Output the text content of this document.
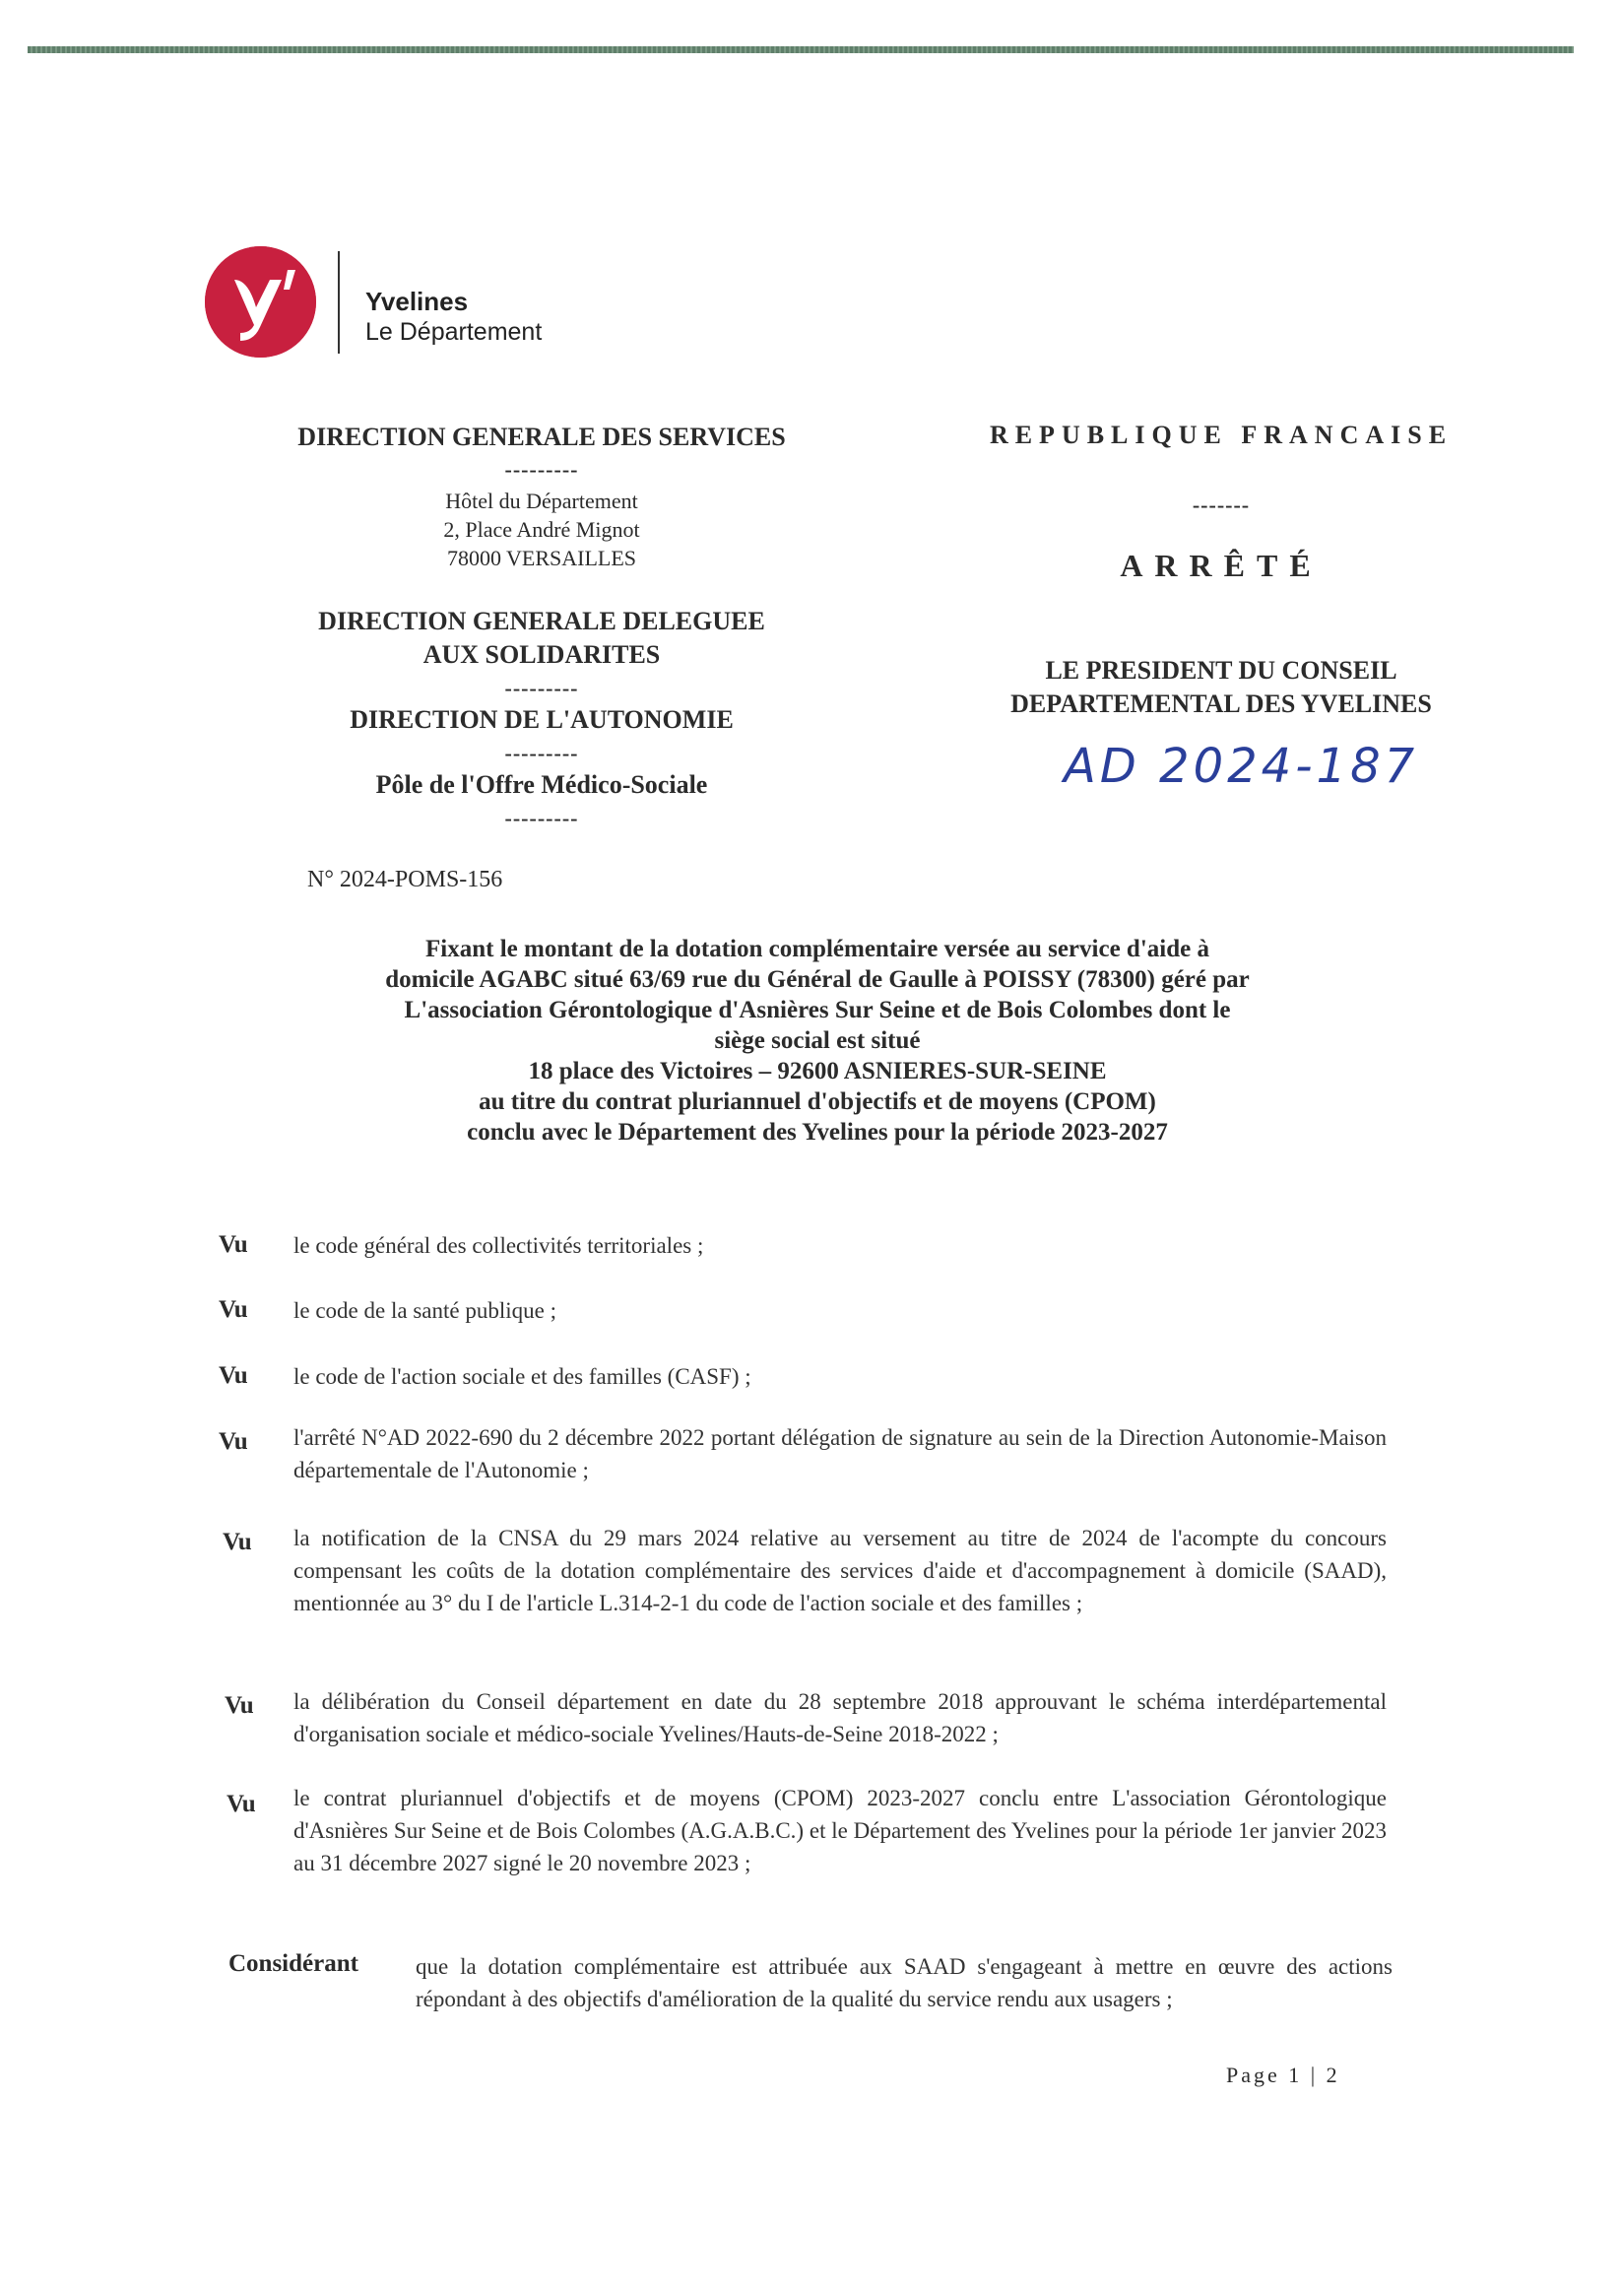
Yvelines
Le Département
DIRECTION GENERALE DES SERVICES
---------
Hôtel du Département
2, Place André Mignot
78000 VERSAILLES
DIRECTION GENERALE DELEGUEE
AUX SOLIDARITES
---------
DIRECTION DE L'AUTONOMIE
---------
Pôle de l'Offre Médico-Sociale
---------
REPUBLIQUE FRANCAISE
-------
ARRÊTÉ
LE PRESIDENT DU CONSEIL
DEPARTEMENTAL DES YVELINES
AD 2024-187
N° 2024-POMS-156
Fixant le montant de la dotation complémentaire versée au service d'aide à
domicile AGABC situé 63/69 rue du Général de Gaulle à POISSY (78300) géré par
L'association Gérontologique d'Asnières Sur Seine et de Bois Colombes dont le
siège social est situé
18 place des Victoires – 92600 ASNIERES-SUR-SEINE
au titre du contrat pluriannuel d'objectifs et de moyens (CPOM)
conclu avec le Département des Yvelines pour la période 2023-2027
Vu le code général des collectivités territoriales ;
Vu le code de la santé publique ;
Vu le code de l'action sociale et des familles (CASF) ;
Vu l'arrêté N°AD 2022-690 du 2 décembre 2022 portant délégation de signature au sein de la Direction Autonomie-Maison départementale de l'Autonomie ;
Vu la notification de la CNSA du 29 mars 2024 relative au versement au titre de 2024 de l'acompte du concours compensant les coûts de la dotation complémentaire des services d'aide et d'accompagnement à domicile (SAAD), mentionnée au 3° du I de l'article L.314-2-1 du code de l'action sociale et des familles ;
Vu la délibération du Conseil département en date du 28 septembre 2018 approuvant le schéma interdépartemental d'organisation sociale et médico-sociale Yvelines/Hauts-de-Seine 2018-2022 ;
Vu le contrat pluriannuel d'objectifs et de moyens (CPOM) 2023-2027 conclu entre L'association Gérontologique d'Asnières Sur Seine et de Bois Colombes (A.G.A.B.C.) et le Département des Yvelines pour la période 1er janvier 2023 au 31 décembre 2027 signé le 20 novembre 2023 ;
Considérant	que la dotation complémentaire est attribuée aux SAAD s'engageant à mettre en œuvre des actions répondant à des objectifs d'amélioration de la qualité du service rendu aux usagers ;
Page 1 | 2
